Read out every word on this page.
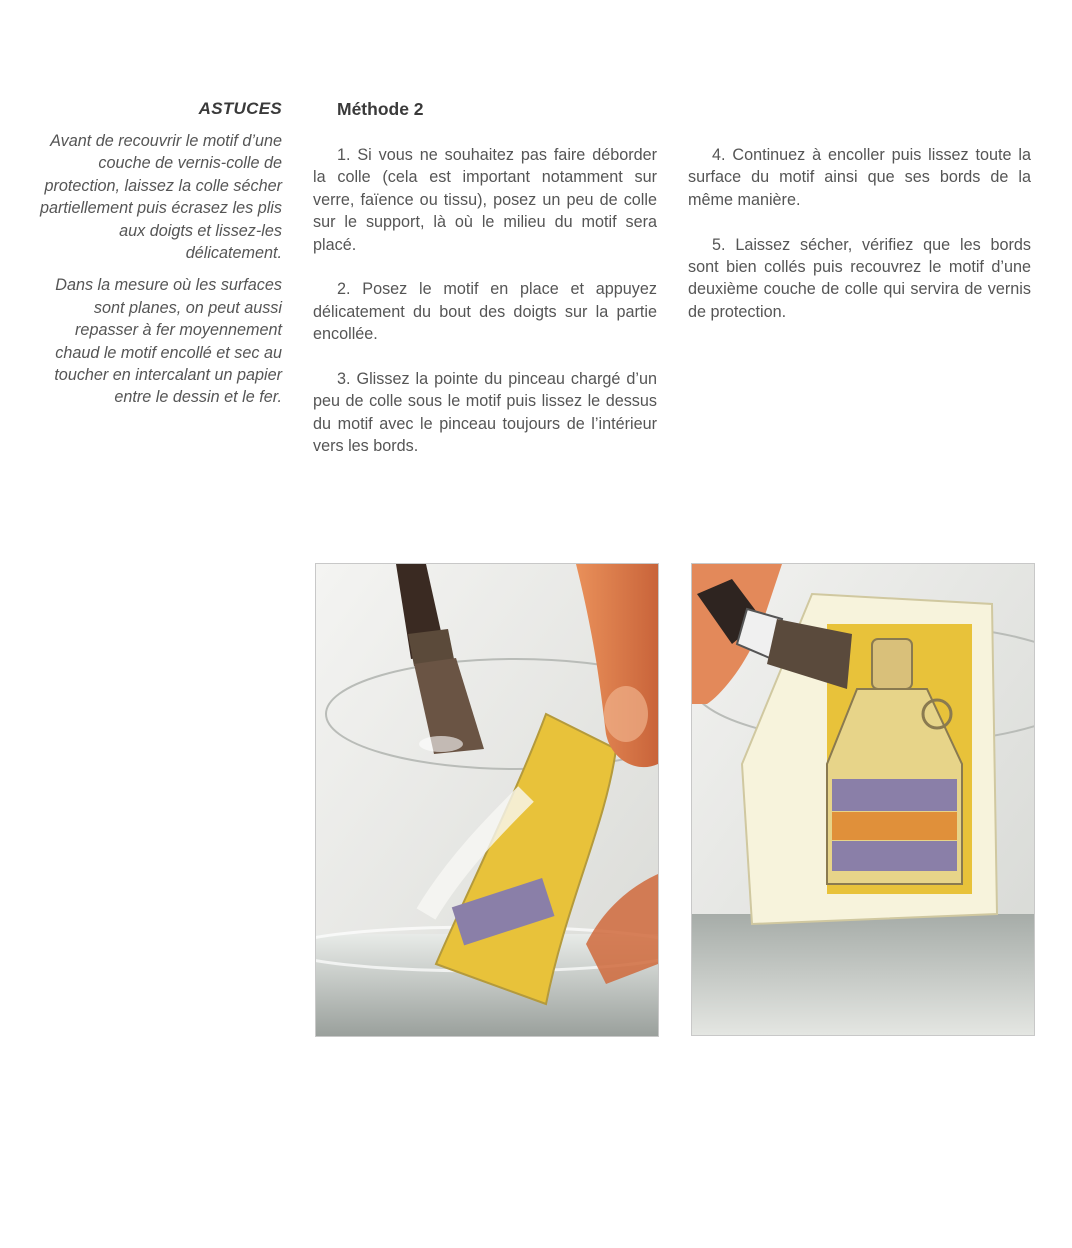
ASTUCES

Avant de recouvrir le motif d’une couche de vernis-colle de protection, laissez la colle sécher partiellement puis écrasez les plis aux doigts et lissez-les délicatement.

Dans la mesure où les surfaces sont planes, on peut aussi repasser à fer moyennement chaud le motif encollé et sec au toucher en intercalant un papier entre le dessin et le fer.

Méthode 2

1. Si vous ne souhaitez pas faire déborder la colle (cela est important notamment sur verre, faïence ou tissu), posez un peu de colle sur le support, là où le milieu du motif sera placé.

2. Posez le motif en place et appuyez délicatement du bout des doigts sur la partie encollée.

3. Glissez la pointe du pinceau chargé d’un peu de colle sous le motif puis lissez le dessus du motif avec le pinceau toujours de l’intérieur vers les bords.

4. Continuez à encoller puis lissez toute la surface du motif ainsi que ses bords de la même manière.

5. Laissez sécher, vérifiez que les bords sont bien collés puis recouvrez le motif d’une deuxième couche de colle qui servira de vernis de protection.
